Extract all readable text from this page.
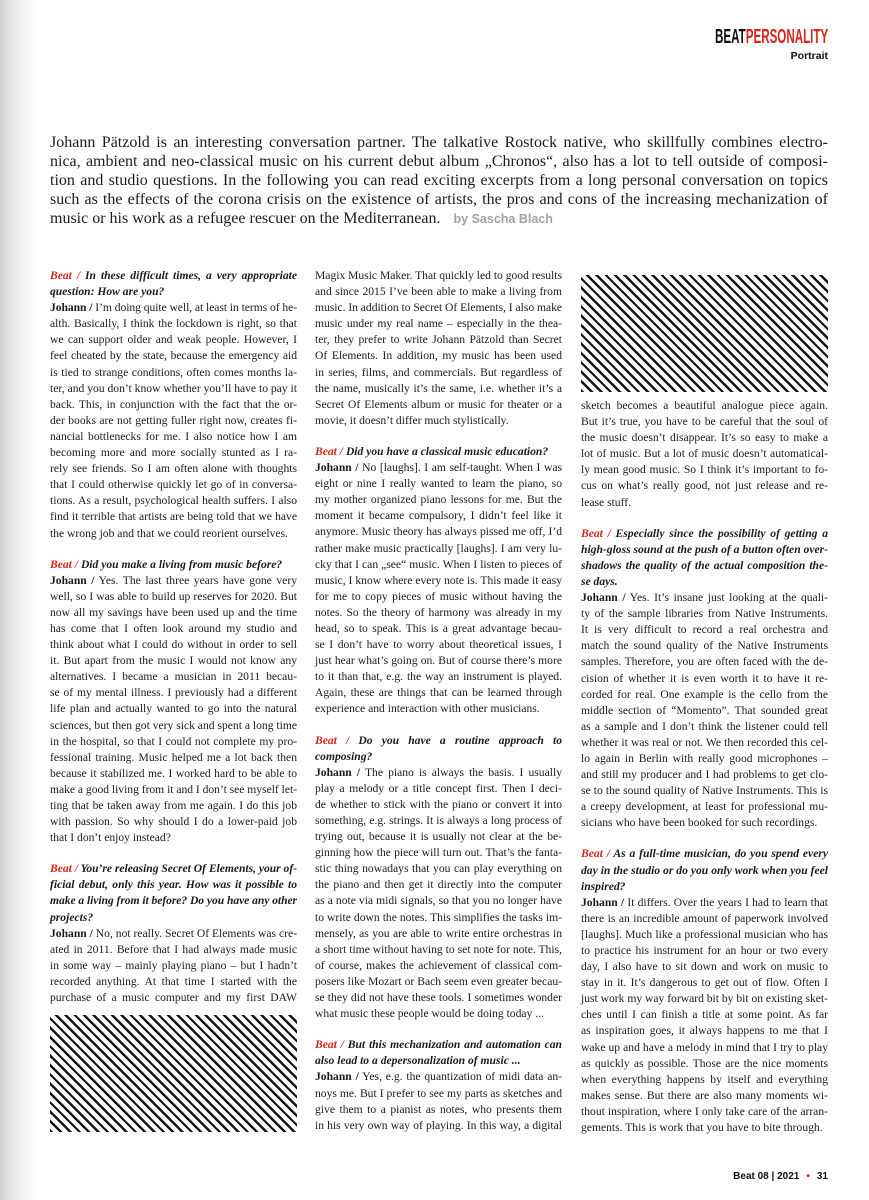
BEATPERSONALITY
Portrait
Johann Pätzold is an interesting conversation partner. The talkative Rostock native, who skillfully combines electro-
nica, ambient and neo-classical music on his current debut album „Chronos“, also has a lot to tell outside of composi-
tion and studio questions. In the following you can read exciting excerpts from a long personal conversation on topics
such as the effects of the corona crisis on the existence of artists, the pros and cons of the increasing mechanization of
music or his work as a refugee rescuer on the Mediterranean. by Sascha Blach
Beat / In these difficult times, a very appropriate
question: How are you?
Johann / I’m doing quite well, at least in terms of he-
alth. Basically, I think the lockdown is right, so that
we can support older and weak people. However, I
feel cheated by the state, because the emergency aid
is tied to strange conditions, often comes months la-
ter, and you don’t know whether you’ll have to pay it
back. This, in conjunction with the fact that the or-
der books are not getting fuller right now, creates fi-
nancial bottlenecks for me. I also notice how I am
becoming more and more socially stunted as I ra-
rely see friends. So I am often alone with thoughts
that I could otherwise quickly let go of in conversa-
tions. As a result, psychological health suffers. I also
find it terrible that artists are being told that we have
the wrong job and that we could reorient ourselves.
Beat / Did you make a living from music before?
Johann / Yes. The last three years have gone very
well, so I was able to build up reserves for 2020. But
now all my savings have been used up and the time
has come that I often look around my studio and
think about what I could do without in order to sell
it. But apart from the music I would not know any
alternatives. I became a musician in 2011 becau-
se of my mental illness. I previously had a different
life plan and actually wanted to go into the natural
sciences, but then got very sick and spent a long time
in the hospital, so that I could not complete my pro-
fessional training. Music helped me a lot back then
because it stabilized me. I worked hard to be able to
make a good living from it and I don’t see myself let-
ting that be taken away from me again. I do this job
with passion. So why should I do a lower-paid job
that I don’t enjoy instead?
Beat / You’re releasing Secret Of Elements, your of-
ficial debut, only this year. How was it possible to
make a living from it before? Do you have any other
projects?
Johann / No, not really. Secret Of Elements was cre-
ated in 2011. Before that I had always made music
in some way – mainly playing piano – but I hadn’t
recorded anything. At that time I started with the
purchase of a music computer and my first DAW
Magix Music Maker. That quickly led to good results
and since 2015 I’ve been able to make a living from
music. In addition to Secret Of Elements, I also make
music under my real name – especially in the thea-
ter, they prefer to write Johann Pätzold than Secret
Of Elements. In addition, my music has been used
in series, films, and commercials. But regardless of
the name, musically it’s the same, i.e. whether it’s a
Secret Of Elements album or music for theater or a
movie, it doesn’t differ much stylistically.
Beat / Did you have a classical music education?
Johann / No [laughs]. I am self-taught. When I was
eight or nine I really wanted to learn the piano, so
my mother organized piano lessons for me. But the
moment it became compulsory, I didn’t feel like it
anymore. Music theory has always pissed me off, I’d
rather make music practically [laughs]. I am very lu-
cky that I can „see“ music. When I listen to pieces of
music, I know where every note is. This made it easy
for me to copy pieces of music without having the
notes. So the theory of harmony was already in my
head, so to speak. This is a great advantage becau-
se I don’t have to worry about theoretical issues, I
just hear what’s going on. But of course there’s more
to it than that, e.g. the way an instrument is played.
Again, these are things that can be learned through
experience and interaction with other musicians.
Beat / Do you have a routine approach to
composing?
Johann / The piano is always the basis. I usually
play a melody or a title concept first. Then I deci-
de whether to stick with the piano or convert it into
something, e.g. strings. It is always a long process of
trying out, because it is usually not clear at the be-
ginning how the piece will turn out. That’s the fanta-
stic thing nowadays that you can play everything on
the piano and then get it directly into the computer
as a note via midi signals, so that you no longer have
to write down the notes. This simplifies the tasks im-
mensely, as you are able to write entire orchestras in
a short time without having to set note for note. This,
of course, makes the achievement of classical com-
posers like Mozart or Bach seem even greater becau-
se they did not have these tools. I sometimes wonder
what music these people would be doing today ...
Beat / But this mechanization and automation can
also lead to a depersonalization of music ...
Johann / Yes, e.g. the quantization of midi data an-
noys me. But I prefer to see my parts as sketches and
give them to a pianist as notes, who presents them
in his very own way of playing. In this way, a digital
sketch becomes a beautiful analogue piece again.
But it’s true, you have to be careful that the soul of
the music doesn’t disappear. It’s so easy to make a
lot of music. But a lot of music doesn’t automatical-
ly mean good music. So I think it’s important to fo-
cus on what’s really good, not just release and re-
lease stuff.
Beat / Especially since the possibility of getting a
high-gloss sound at the push of a button often over-
shadows the quality of the actual composition the-
se days.
Johann / Yes. It’s insane just looking at the quali-
ty of the sample libraries from Native Instruments.
It is very difficult to record a real orchestra and
match the sound quality of the Native Instruments
samples. Therefore, you are often faced with the de-
cision of whether it is even worth it to have it re-
corded for real. One example is the cello from the
middle section of “Momento”. That sounded great
as a sample and I don’t think the listener could tell
whether it was real or not. We then recorded this cel-
lo again in Berlin with really good microphones –
and still my producer and I had problems to get clo-
se to the sound quality of Native Instruments. This is
a creepy development, at least for professional mu-
sicians who have been booked for such recordings.
Beat / As a full-time musician, do you spend every
day in the studio or do you only work when you feel
inspired?
Johann / It differs. Over the years I had to learn that
there is an incredible amount of paperwork involved
[laughs]. Much like a professional musician who has
to practice his instrument for an hour or two every
day, I also have to sit down and work on music to
stay in it. It’s dangerous to get out of flow. Often I
just work my way forward bit by bit on existing sket-
ches until I can finish a title at some point. As far
as inspiration goes, it always happens to me that I
wake up and have a melody in mind that I try to play
as quickly as possible. Those are the nice moments
when everything happens by itself and everything
makes sense. But there are also many moments wi-
thout inspiration, where I only take care of the arran-
gements. This is work that you have to bite through.
Beat 08 | 2021 • 31
